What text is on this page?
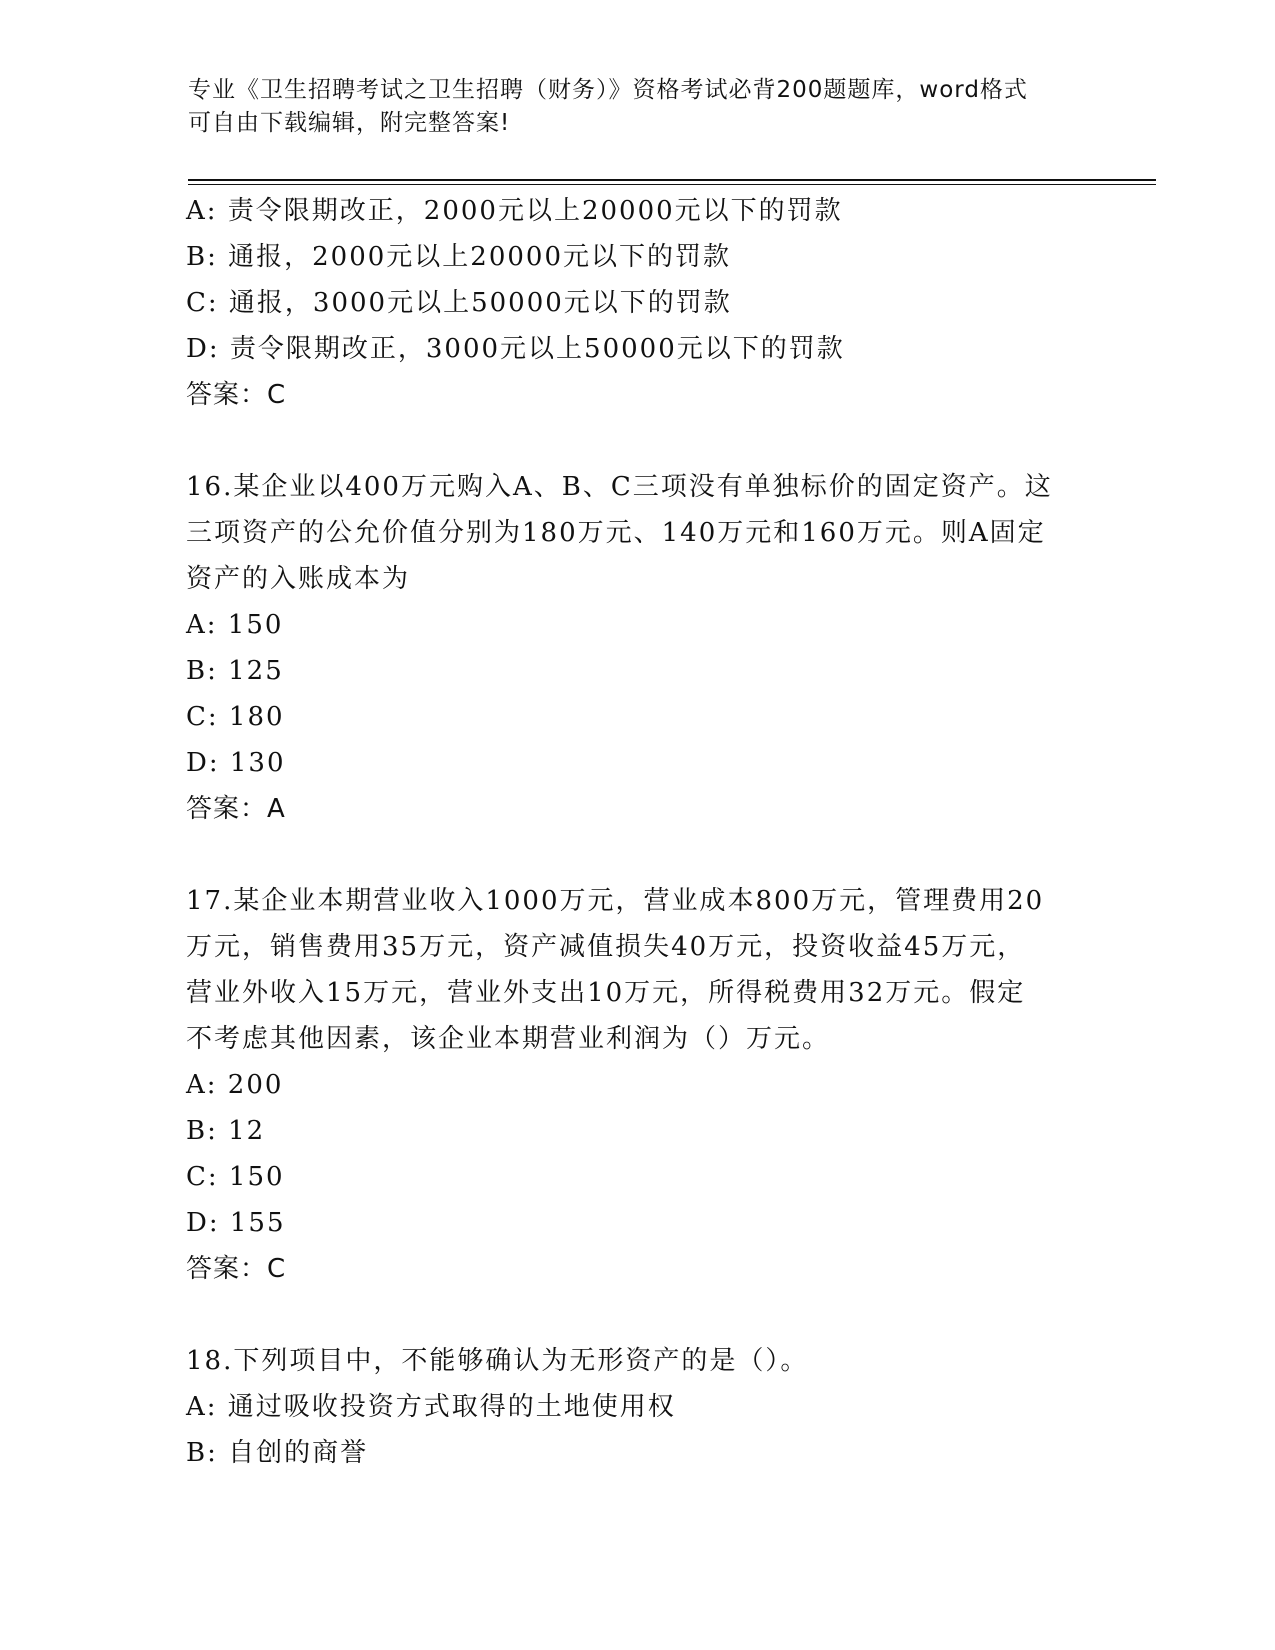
专业《卫生招聘考试之卫生招聘（财务）》资格考试必背200题题库，word格式

可自由下载编辑，附完整答案!

A: 责令限期改正，2000元以上20000元以下的罚款
B: 通报，2000元以上20000元以下的罚款
C: 通报，3000元以上50000元以下的罚款
D: 责令限期改正，3000元以上50000元以下的罚款
答案：C
16.某企业以400万元购入A、B、C三项没有单独标价的固定资产。这
三项资产的公允价值分别为180万元、140万元和160万元。则A固定
资产的入账成本为
A: 150
B: 125
C: 180
D: 130
答案：A
17.某企业本期营业收入1000万元，营业成本800万元，管理费用20
万元，销售费用35万元，资产减值损失40万元，投资收益45万元，
营业外收入15万元，营业外支出10万元，所得税费用32万元。假定
不考虑其他因素，该企业本期营业利润为（）万元。
A: 200
B: 12
C: 150
D: 155
答案：C
18.下列项目中，不能够确认为无形资产的是（）。
A: 通过吸收投资方式取得的土地使用权
B: 自创的商誉
